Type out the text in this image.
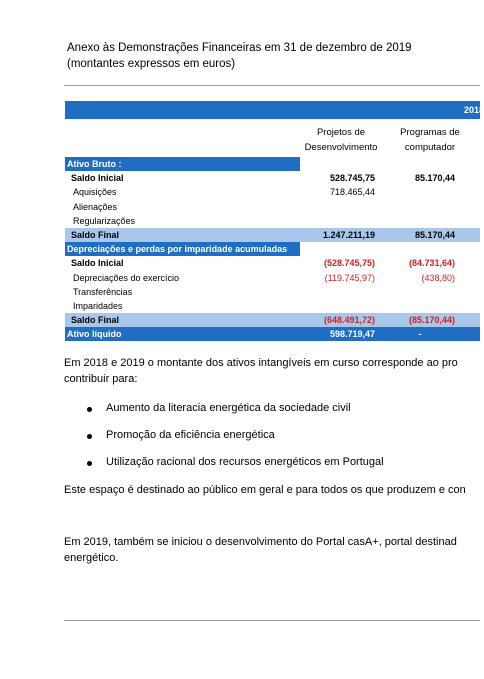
Anexo às Demonstrações Financeiras em 31 de dezembro de 2019
(montantes expressos em euros)
2018
Projetos de
Desenvolvimento
Programas de
computador
Ativo Bruto :
Saldo Inicial	528.745,75	85.170,44
Aquisições	718.465,44
Alienações
Regularizações
Saldo Final	1.247.211,19	85.170,44
Depreciações e perdas por imparidade acumuladas
Saldo Inicial	(528.745,75)	(84.731,64)
Depreciações do exercício	(119.745,97)	(438,80)
Transferências
Imparidades
Saldo Final	(648.491,72)	(85.170,44)
Ativo líquido	598.719,47	-
Em 2018 e 2019 o montante dos ativos intangíveis em curso corresponde ao pro
contribuir para:
Aumento da literacia energética da sociedade civil
Promoção da eficiência energética
Utilização racional dos recursos energéticos em Portugal
Este espaço é destinado ao público em geral e para todos os que produzem e con
Em 2019, também se iniciou o desenvolvimento do Portal casA+, portal destinad
energético.
